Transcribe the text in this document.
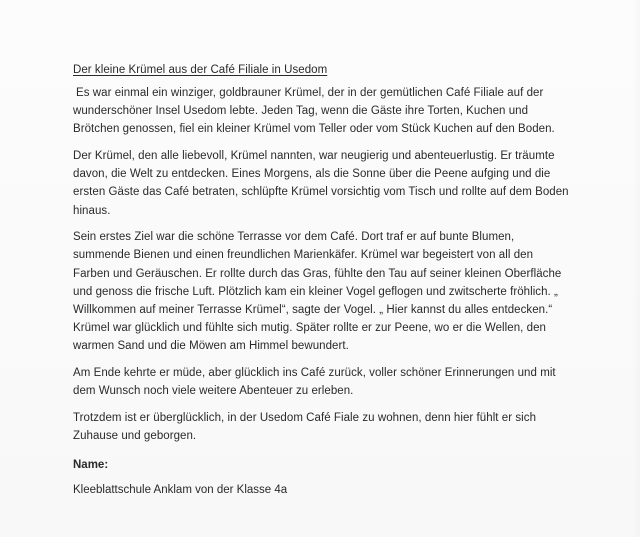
Der kleine Krümel aus der Café Filiale in Usedom

Es war einmal ein winziger, goldbrauner Krümel, der in der gemütlichen Café Filiale auf der wunderschöner Insel Usedom lebte. Jeden Tag, wenn die Gäste ihre Torten, Kuchen und Brötchen genossen, fiel ein kleiner Krümel vom Teller oder vom Stück Kuchen auf den Boden.

Der Krümel, den alle liebevoll, Krümel nannten, war neugierig und abenteuerlustig. Er träumte davon, die Welt zu entdecken. Eines Morgens, als die Sonne über die Peene aufging und die ersten Gäste das Café betraten, schlüpfte Krümel vorsichtig vom Tisch und rollte auf dem Boden hinaus.

Sein erstes Ziel war die schöne Terrasse vor dem Café. Dort traf er auf bunte Blumen, summende Bienen und einen freundlichen Marienkäfer. Krümel war begeistert von all den Farben und Geräuschen. Er rollte durch das Gras, fühlte den Tau auf seiner kleinen Oberfläche und genoss die frische Luft. Plötzlich kam ein kleiner Vogel geflogen und zwitscherte fröhlich. „ Willkommen auf meiner Terrasse Krümel“, sagte der Vogel. „ Hier kannst du alles entdecken.“ Krümel war glücklich und fühlte sich mutig. Später rollte er zur Peene, wo er die Wellen, den warmen Sand und die Möwen am Himmel bewundert.

Am Ende kehrte er müde, aber glücklich ins Café zurück, voller schöner Erinnerungen und mit dem Wunsch noch viele weitere Abenteuer zu erleben.

Trotzdem ist er überglücklich, in der Usedom Café Fiale zu wohnen, denn hier fühlt er sich Zuhause und geborgen.

Name:

Kleeblattschule Anklam von der Klasse 4a
